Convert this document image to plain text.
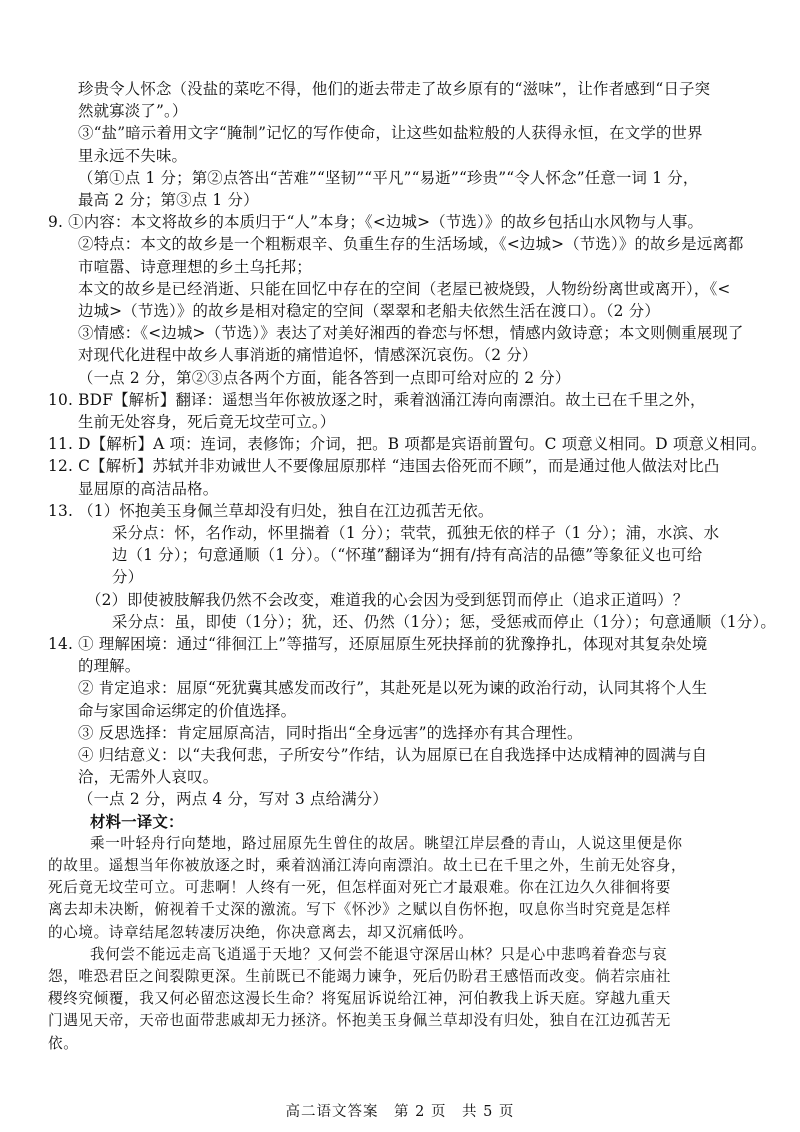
珍贵令人怀念（没盐的菜吃不得，他们的逝去带走了故乡原有的“滋味”，让作者感到“日子突
然就寡淡了”。）
③“盐”暗示着用文字“腌制”记忆的写作使命，让这些如盐粒般的人获得永恒，在文学的世界
里永远不失味。
（第①点 1 分；第②点答出“苦难”“坚韧”“平凡”“易逝”“珍贵”“令人怀念”任意一词 1 分，
最高 2 分；第③点 1 分）
9. ①内容：本文将故乡的本质归于“人”本身；《<边城>（节选）》的故乡包括山水风物与人事。
②特点：本文的故乡是一个粗粝艰辛、负重生存的生活场域，《<边城>（节选）》的故乡是远离都
市喧嚣、诗意理想的乡土乌托邦；
本文的故乡是已经消逝、只能在回忆中存在的空间（老屋已被烧毁，人物纷纷离世或离开），《<
边城>（节选）》的故乡是相对稳定的空间（翠翠和老船夫依然生活在渡口）。（2 分）
③情感：《<边城>（节选）》表达了对美好湘西的眷恋与怀想，情感内敛诗意；本文则侧重展现了
对现代化进程中故乡人事消逝的痛惜追怀，情感深沉哀伤。（2 分）
（一点 2 分，第②③点各两个方面，能各答到一点即可给对应的 2 分）
10. BDF【解析】翻译：遥想当年你被放逐之时，乘着汹涌江涛向南漂泊。故土已在千里之外，
生前无处容身，死后竟无坟茔可立。）
11. D【解析】A 项：连词，表修饰；介词，把。B 项都是宾语前置句。C 项意义相同。D 项意义相同。
12. C【解析】苏轼并非劝诫世人不要像屈原那样 “违国去俗死而不顾”，而是通过他人做法对比凸
显屈原的高洁品格。
13. （1）怀抱美玉身佩兰草却没有归处，独自在江边孤苦无依。
采分点：怀，名作动，怀里揣着（1 分）；茕茕，孤独无依的样子（1 分）；浦，水滨、水
边（1 分）；句意通顺（1 分）。（“怀瑾”翻译为“拥有/持有高洁的品德”等象征义也可给
分）
（2）即使被肢解我仍然不会改变，难道我的心会因为受到惩罚而停止（追求正道吗）？
采分点：虽，即使（1分）；犹，还、仍然（1分）；惩，受惩戒而停止（1分）；句意通顺（1分）。
14. ① 理解困境：通过“徘徊江上”等描写，还原屈原生死抉择前的犹豫挣扎，体现对其复杂处境
的理解。
② 肯定追求：屈原“死犹冀其感发而改行”，其赴死是以死为谏的政治行动，认同其将个人生
命与家国命运绑定的价值选择。
③ 反思选择：肯定屈原高洁，同时指出“全身远害”的选择亦有其合理性。
④ 归结意义：以“夫我何悲，子所安兮”作结，认为屈原已在自我选择中达成精神的圆满与自
洽，无需外人哀叹。
（一点 2 分，两点 4 分，写对 3 点给满分）
材料一译文：
乘一叶轻舟行向楚地，路过屈原先生曾住的故居。眺望江岸层叠的青山，人说这里便是你
的故里。遥想当年你被放逐之时，乘着汹涌江涛向南漂泊。故土已在千里之外，生前无处容身，
死后竟无坟茔可立。可悲啊！人终有一死，但怎样面对死亡才最艰难。你在江边久久徘徊将要
离去却未决断，俯视着千丈深的激流。写下《怀沙》之赋以自伤怀抱，叹息你当时究竟是怎样
的心境。诗章结尾忽转凄厉决绝，你决意离去，却又沉痛低吟。
我何尝不能远走高飞逍遥于天地？又何尝不能退守深居山林？只是心中悲鸣着眷恋与哀
怨，唯恐君臣之间裂隙更深。生前既已不能竭力谏争，死后仍盼君王感悟而改变。倘若宗庙社
稷终究倾覆，我又何必留恋这漫长生命？将冤屈诉说给江神，河伯教我上诉天庭。穿越九重天
门遇见天帝，天帝也面带悲戚却无力拯济。怀抱美玉身佩兰草却没有归处，独自在江边孤苦无
依。
高二语文答案　第 2 页　共 5 页
